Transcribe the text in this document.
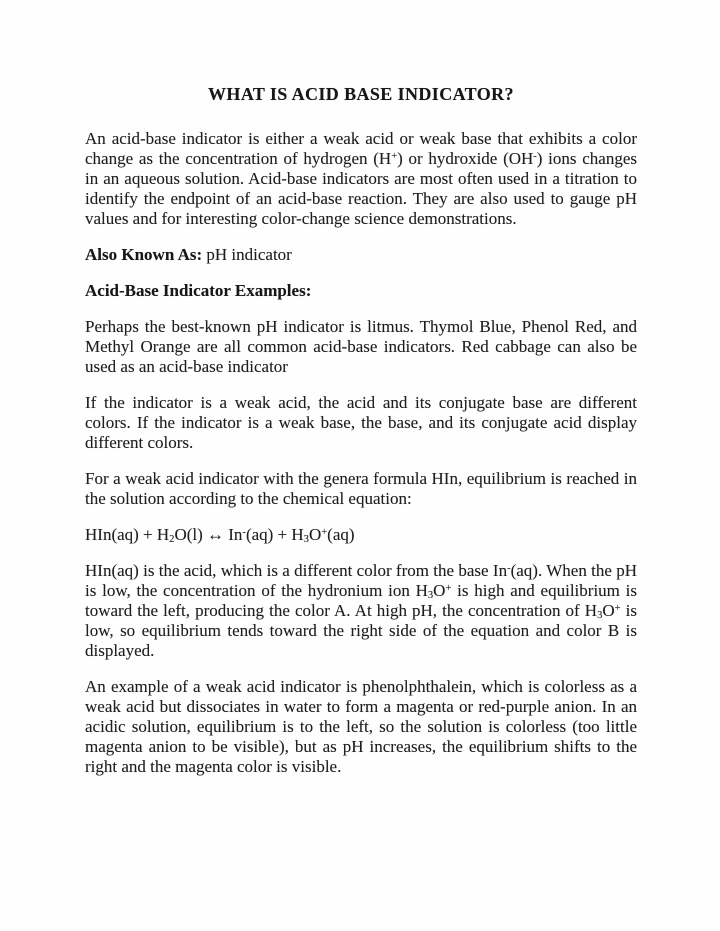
WHAT IS ACID BASE INDICATOR?

An acid-base indicator is either a weak acid or weak base that exhibits a color change as the concentration of hydrogen (H+) or hydroxide (OH-) ions changes in an aqueous solution. Acid-base indicators are most often used in a titration to identify the endpoint of an acid-base reaction. They are also used to gauge pH values and for interesting color-change science demonstrations.

Also Known As: pH indicator

Acid-Base Indicator Examples:

Perhaps the best-known pH indicator is litmus. Thymol Blue, Phenol Red, and Methyl Orange are all common acid-base indicators. Red cabbage can also be used as an acid-base indicator

If the indicator is a weak acid, the acid and its conjugate base are different colors. If the indicator is a weak base, the base, and its conjugate acid display different colors.

For a weak acid indicator with the genera formula HIn, equilibrium is reached in the solution according to the chemical equation:

$HIn(aq) + H_2O(l)$ ↔ $In^-(aq) + H_3O^+(aq)$

HIn(aq) is the acid, which is a different color from the base In-(aq). When the pH is low, the concentration of the hydronium ion $H_3O^+$ is high and equilibrium is toward the left, producing the color A. At high pH, the concentration of $H_3O^+$ is low, so equilibrium tends toward the right side of the equation and color B is displayed.

An example of a weak acid indicator is phenolphthalein, which is colorless as a weak acid but dissociates in water to form a magenta or red-purple anion. In an acidic solution, equilibrium is to the left, so the solution is colorless (too little magenta anion to be visible), but as pH increases, the equilibrium shifts to the right and the magenta color is visible.
